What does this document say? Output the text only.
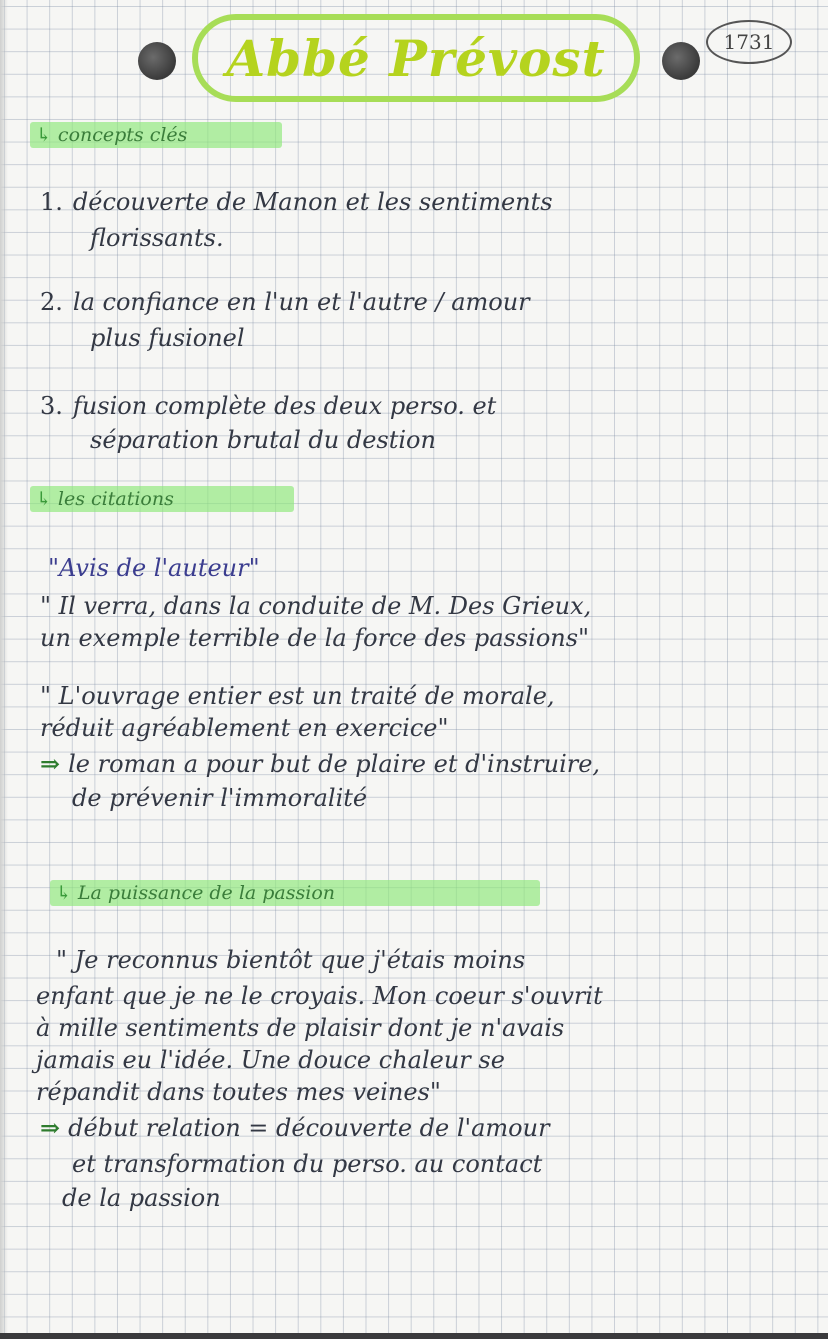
Abbé Prévost	1731
↳ concepts clés
1. découverte de Manon et les sentiments
florissants.
2. la confiance en l'un et l'autre / amour
plus fusionel
3. fusion complète des deux perso. et
séparation brutal du destion
↳ les citations
"Avis de l'auteur"
" Il verra, dans la conduite de M. Des Grieux,
un exemple terrible de la force des passions"
" L'ouvrage entier est un traité de morale,
réduit agréablement en exercice"
⇒ le roman a pour but de plaire et d'instruire,
de prévenir l'immoralité
↳ La puissance de la passion
" Je reconnus bientôt que j'étais moins
enfant que je ne le croyais. Mon coeur s'ouvrit
à mille sentiments de plaisir dont je n'avais
jamais eu l'idée. Une douce chaleur se
répandit dans toutes mes veines"
⇒ début relation = découverte de l'amour
et transformation du perso. au contact
de la passion
